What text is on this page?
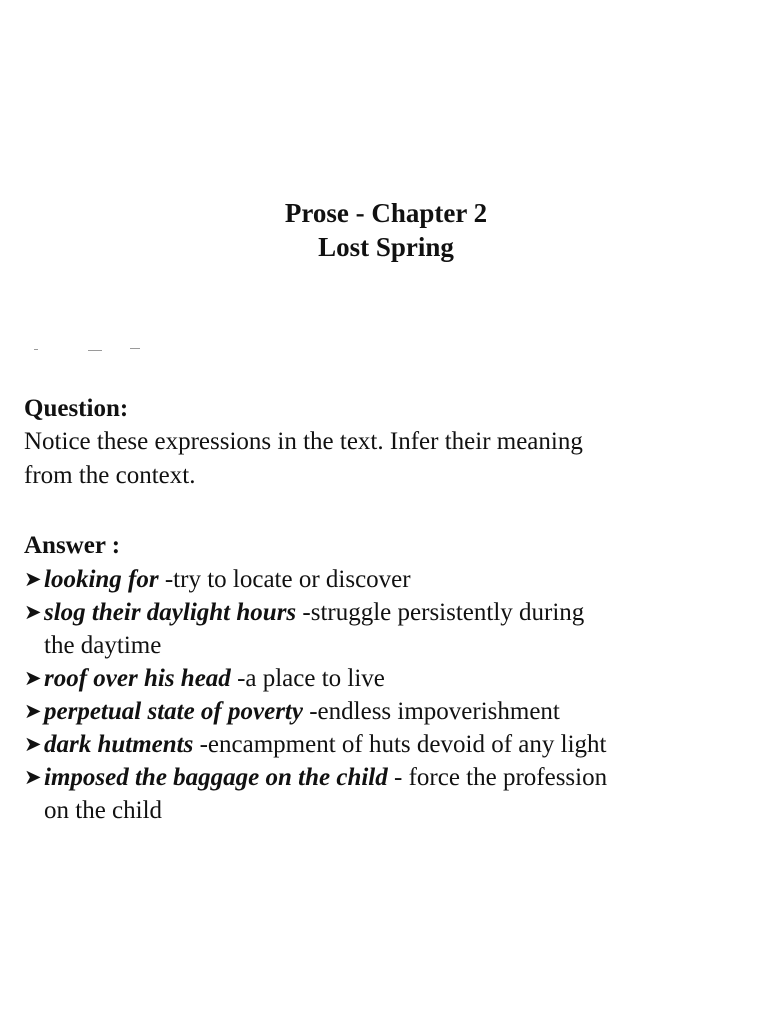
Prose - Chapter 2
Lost Spring
Question:
Notice these expressions in the text. Infer their meaning
from the context.
Answer :
➤ looking for -try to locate or discover
➤ slog their daylight hours -struggle persistently during
the daytime
➤ roof over his head -a place to live
➤ perpetual state of poverty -endless impoverishment
➤ dark hutments -encampment of huts devoid of any light
➤ imposed the baggage on the child - force the profession
on the child
